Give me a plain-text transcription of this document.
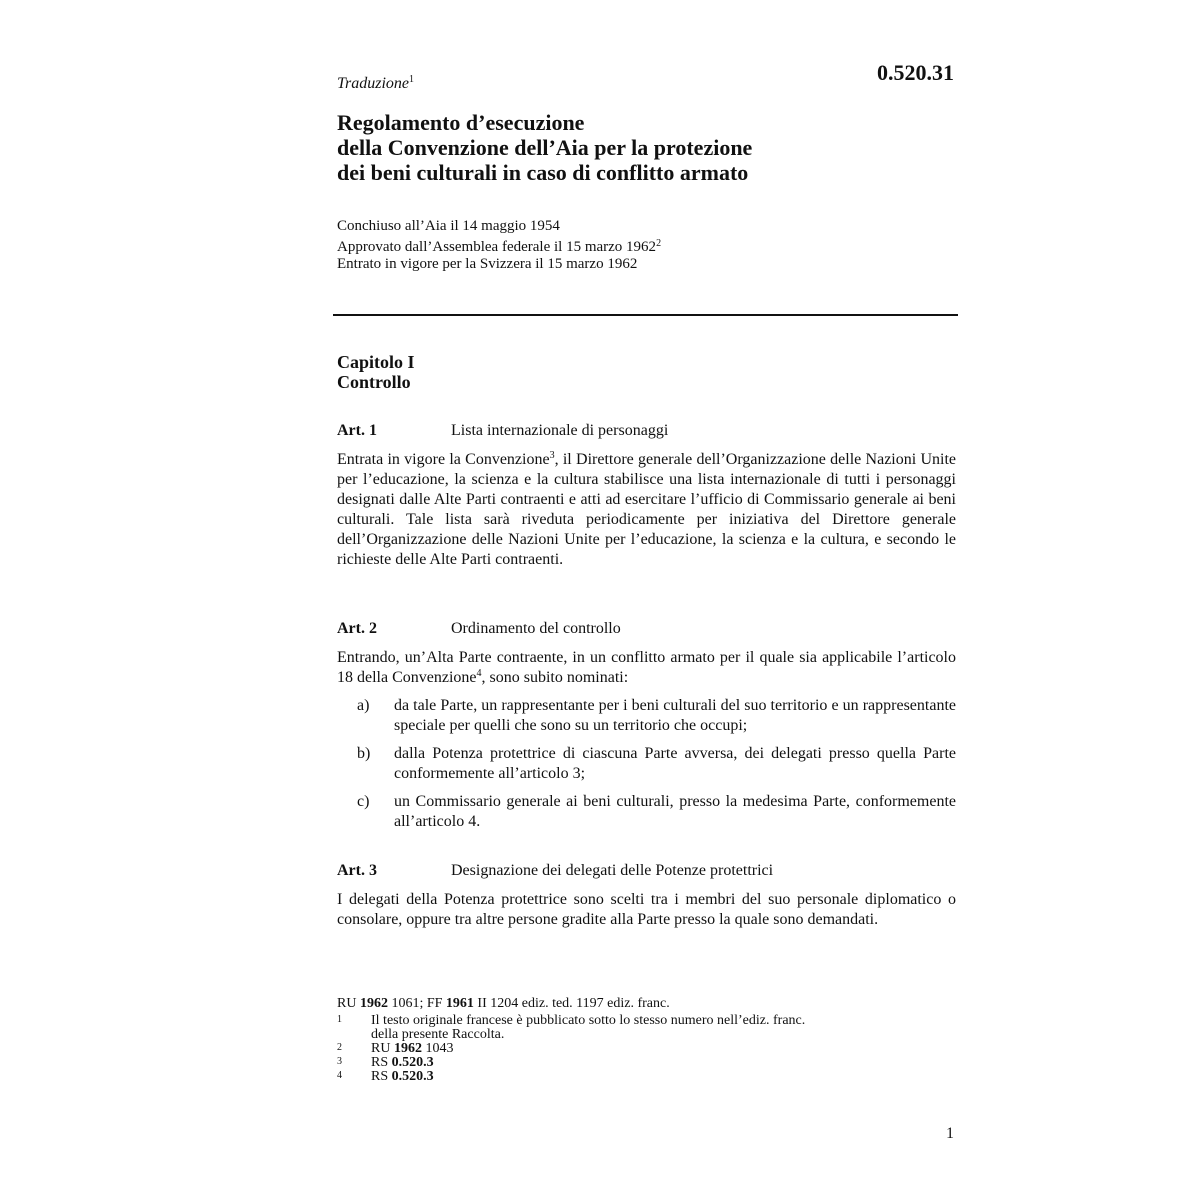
Traduzione$^1$	0.520.31
Regolamento d’esecuzione
della Convenzione dell’Aia per la protezione
dei beni culturali in caso di conflitto armato
Conchiuso all’Aia il 14 maggio 1954
Approvato dall’Assemblea federale il 15 marzo 1962$^2$
Entrato in vigore per la Svizzera il 15 marzo 1962
Capitolo I
Controllo
Art. 1	Lista internazionale di personaggi
Entrata in vigore la Convenzione$^3$, il Direttore generale dell’Organizzazione delle Nazioni Unite per l’educazione, la scienza e la cultura stabilisce una lista internazionale di tutti i personaggi designati dalle Alte Parti contraenti e atti ad esercitare l’ufficio di Commissario generale ai beni culturali. Tale lista sarà riveduta periodicamente per iniziativa del Direttore generale dell’Organizzazione delle Nazioni Unite per l’educazione, la scienza e la cultura, e secondo le richieste delle Alte Parti contraenti.
Art. 2	Ordinamento del controllo
Entrando, un’Alta Parte contraente, in un conflitto armato per il quale sia applicabile l’articolo 18 della Convenzione$^4$, sono subito nominati:
a)	da tale Parte, un rappresentante per i beni culturali del suo territorio e un rappresentante speciale per quelli che sono su un territorio che occupi;
b)	dalla Potenza protettrice di ciascuna Parte avversa, dei delegati presso quella Parte conformemente all’articolo 3;
c)	un Commissario generale ai beni culturali, presso la medesima Parte, conformemente all’articolo 4.
Art. 3	Designazione dei delegati delle Potenze protettrici
I delegati della Potenza protettrice sono scelti tra i membri del suo personale diplomatico o consolare, oppure tra altre persone gradite alla Parte presso la quale sono demandati.
RU 1962 1061; FF 1961 II 1204 ediz. ted. 1197 ediz. franc.
1	Il testo originale francese è pubblicato sotto lo stesso numero nell’ediz. franc.
della presente Raccolta.
2	RU 1962 1043
3	RS 0.520.3
4	RS 0.520.3
1
